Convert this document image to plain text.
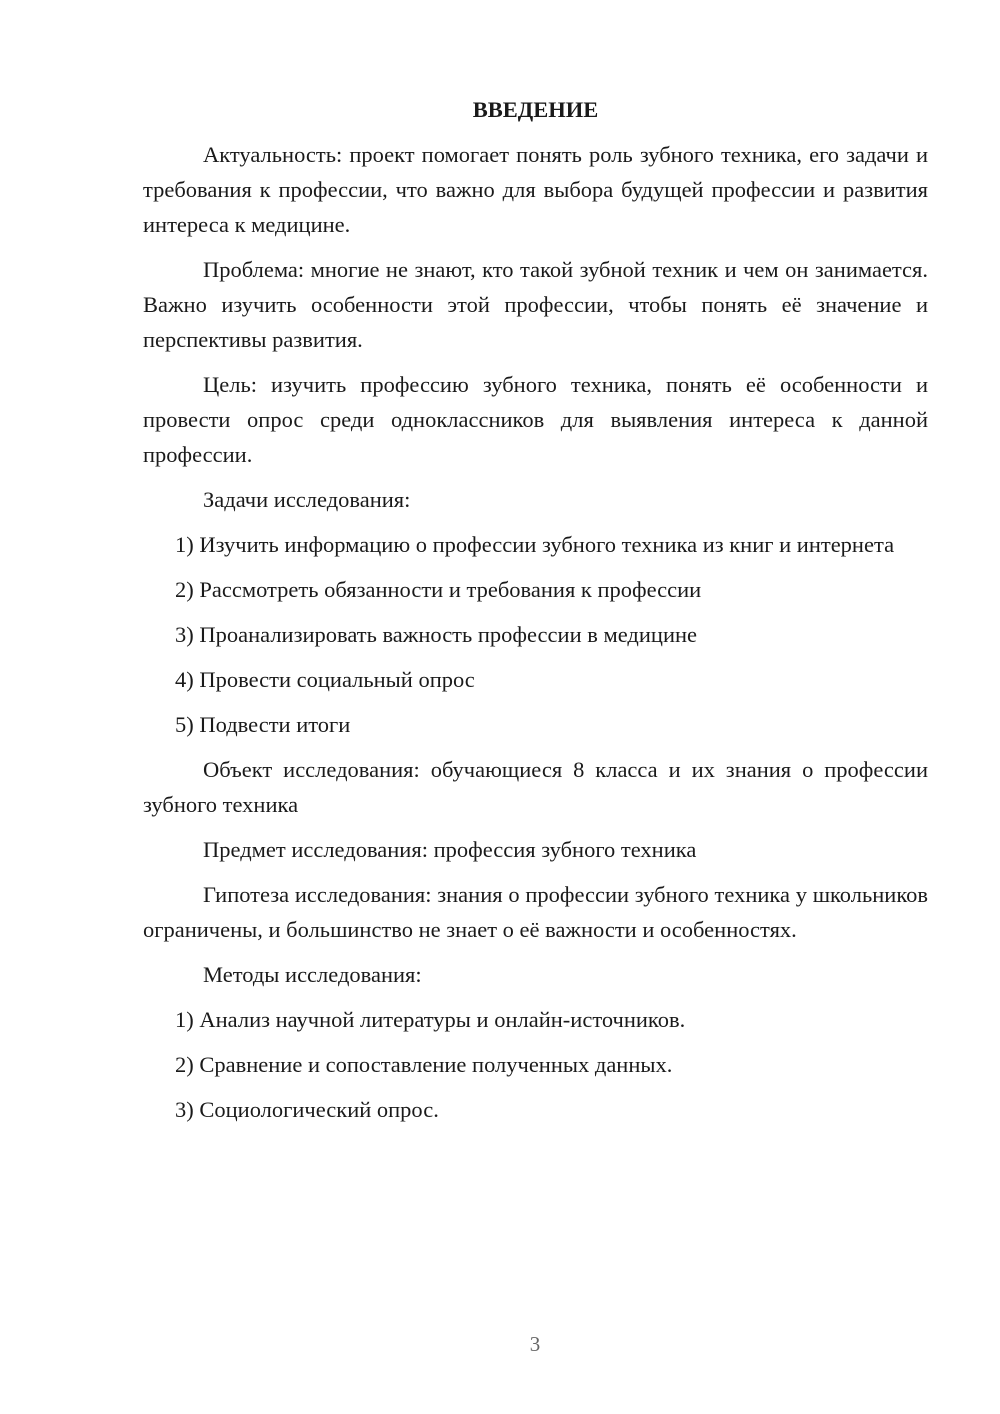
ВВЕДЕНИЕ

Актуальность: проект помогает понять роль зубного техника, его задачи и требования к профессии, что важно для выбора будущей профессии и развития интереса к медицине.

Проблема: многие не знают, кто такой зубной техник и чем он занимается. Важно изучить особенности этой профессии, чтобы понять её значение и перспективы развития.

Цель: изучить профессию зубного техника, понять её особенности и провести опрос среди одноклассников для выявления интереса к данной профессии.

Задачи исследования:

1) Изучить информацию о профессии зубного техника из книг и интернета

2) Рассмотреть обязанности и требования к профессии

3) Проанализировать важность профессии в медицине

4) Провести социальный опрос

5) Подвести итоги

Объект исследования: обучающиеся 8 класса и их знания о профессии зубного техника

Предмет исследования: профессия зубного техника

Гипотеза исследования: знания о профессии зубного техника у школьников ограничены, и большинство не знает о её важности и особенностях.

Методы исследования:

1) Анализ научной литературы и онлайн-источников.

2) Сравнение и сопоставление полученных данных.

3) Социологический опрос.

3
